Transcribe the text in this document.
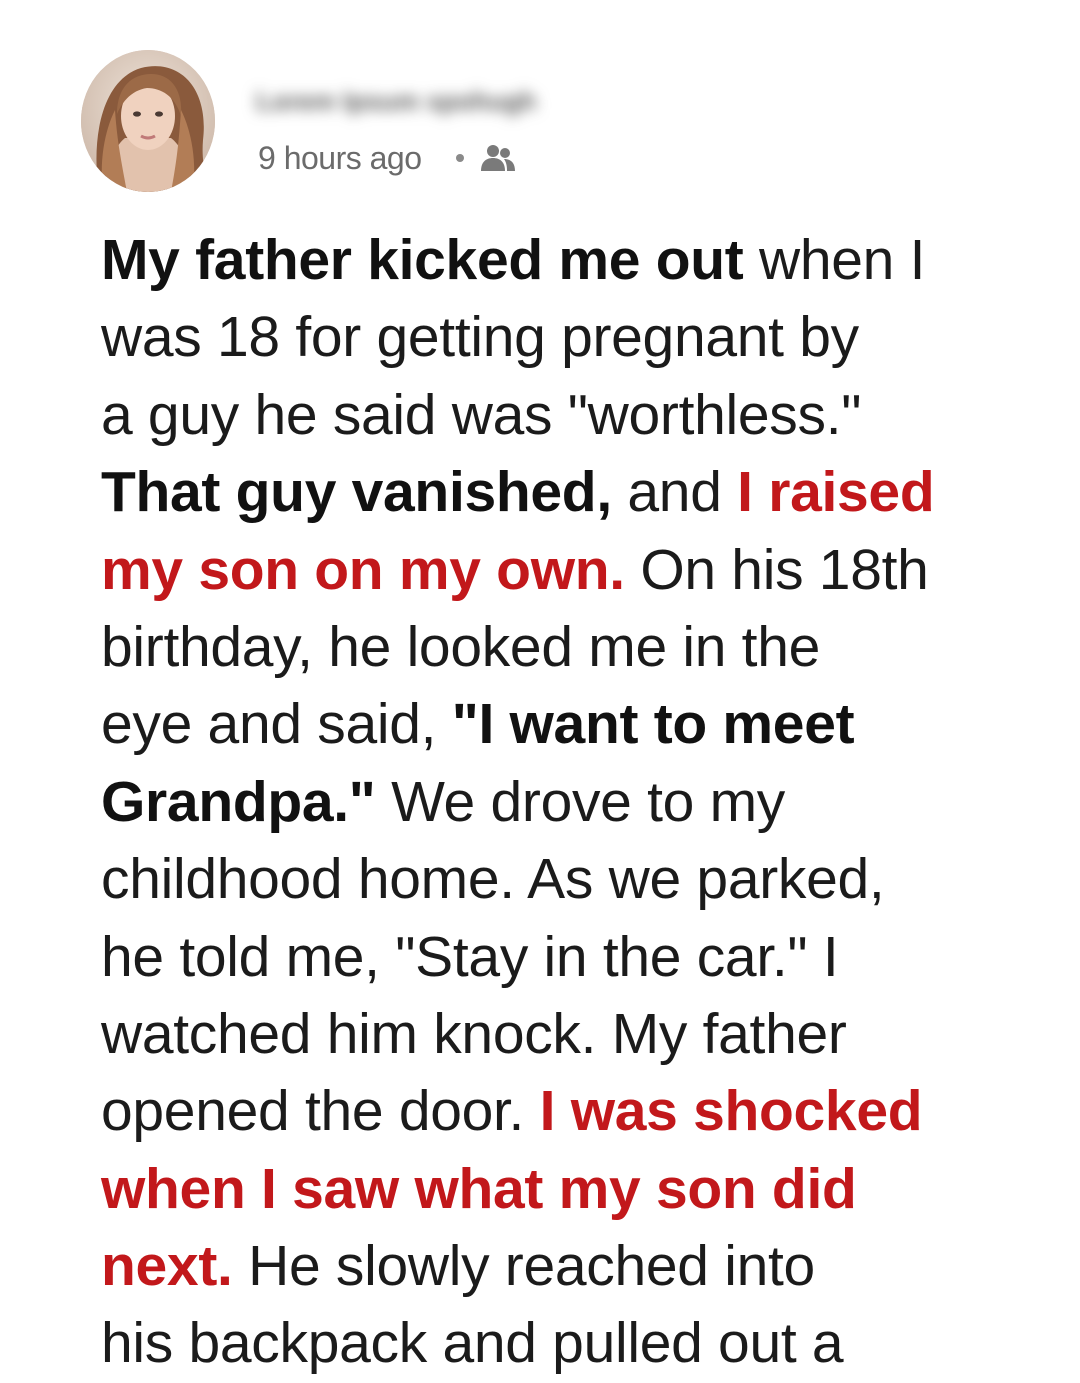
Lorem Ipsum spohugh
9 hours ago
My father kicked me out when I
was 18 for getting pregnant by
a guy he said was "worthless."
That guy vanished, and I raised
my son on my own. On his 18th
birthday, he looked me in the
eye and said, "I want to meet
Grandpa." We drove to my
childhood home. As we parked,
he told me, "Stay in the car." I
watched him knock. My father
opened the door. I was shocked
when I saw what my son did
next. He slowly reached into
his backpack and pulled out a
